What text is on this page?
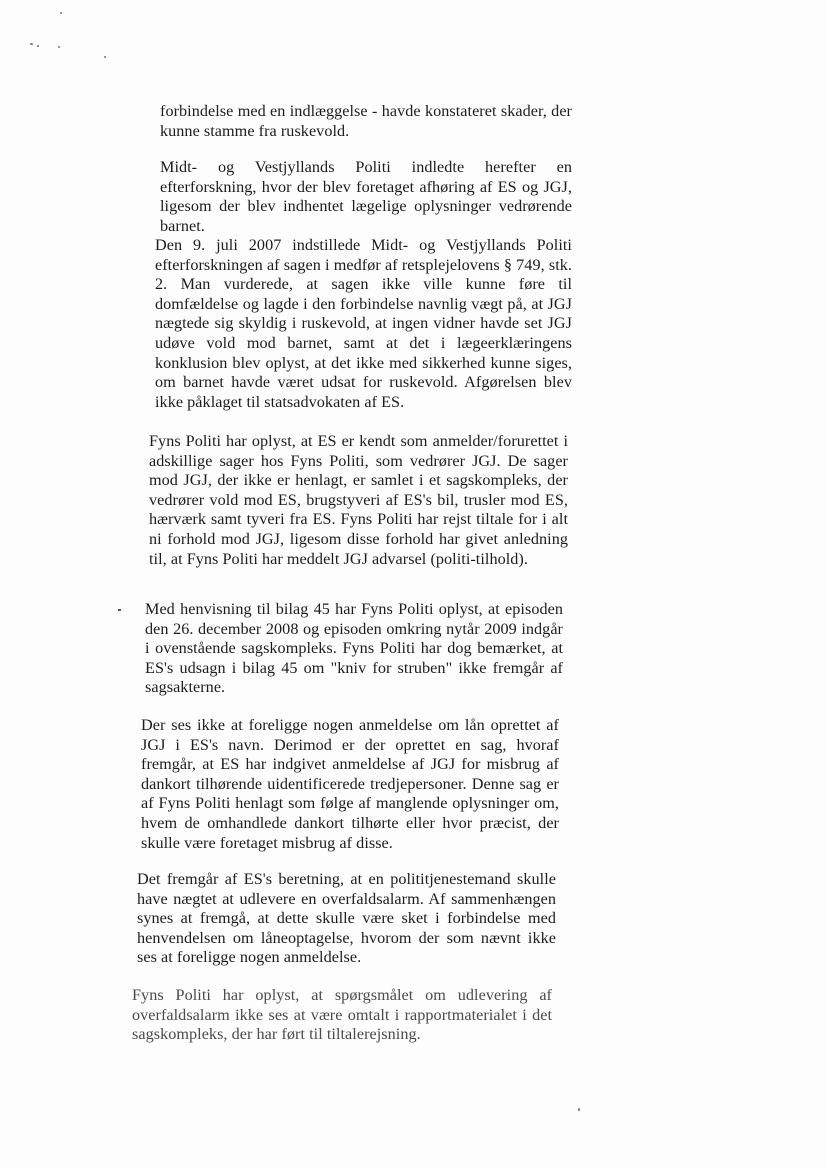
forbindelse med en indlæggelse - havde konstateret skader, der kunne stamme fra ruskevold.

Midt- og Vestjyllands Politi indledte herefter en efterforskning, hvor der blev foretaget afhøring af ES og JGJ, ligesom der blev indhentet lægelige oplysninger vedrørende barnet.

Den 9. juli 2007 indstillede Midt- og Vestjyllands Politi efterforskningen af sagen i medfør af retsplejelovens § 749, stk. 2. Man vurderede, at sagen ikke ville kunne føre til domfældelse og lagde i den forbindelse navnlig vægt på, at JGJ nægtede sig skyldig i ruskevold, at ingen vidner havde set JGJ udøve vold mod barnet, samt at det i lægeerklæringens konklusion blev oplyst, at det ikke med sikkerhed kunne siges, om barnet havde været udsat for ruskevold. Afgørelsen blev ikke påklaget til statsadvokaten af ES.

Fyns Politi har oplyst, at ES er kendt som anmelder/forurettet i adskillige sager hos Fyns Politi, som vedrører JGJ. De sager mod JGJ, der ikke er henlagt, er samlet i et sagskompleks, der vedrører vold mod ES, brugstyveri af ES's bil, trusler mod ES, hærværk samt tyveri fra ES. Fyns Politi har rejst tiltale for i alt ni forhold mod JGJ, ligesom disse forhold har givet anledning til, at Fyns Politi har meddelt JGJ advarsel (politi-tilhold).

Med henvisning til bilag 45 har Fyns Politi oplyst, at episoden den 26. december 2008 og episoden omkring nytår 2009 indgår i ovenstående sagskompleks. Fyns Politi har dog bemærket, at ES's udsagn i bilag 45 om "kniv for struben" ikke fremgår af sagsakterne.

Der ses ikke at foreligge nogen anmeldelse om lån oprettet af JGJ i ES's navn. Derimod er der oprettet en sag, hvoraf fremgår, at ES har indgivet anmeldelse af JGJ for misbrug af dankort tilhørende uidentificerede tredjepersoner. Denne sag er af Fyns Politi henlagt som følge af manglende oplysninger om, hvem de omhandlede dankort tilhørte eller hvor præcist, der skulle være foretaget misbrug af disse.

Det fremgår af ES's beretning, at en polititjenestemand skulle have nægtet at udlevere en overfaldsalarm. Af sammenhængen synes at fremgå, at dette skulle være sket i forbindelse med henvendelsen om låneoptagelse, hvorom der som nævnt ikke ses at foreligge nogen anmeldelse.

Fyns Politi har oplyst, at spørgsmålet om udlevering af overfaldsalarm ikke ses at være omtalt i rapportmaterialet i det sagskompleks, der har ført til tiltalerejsning.
